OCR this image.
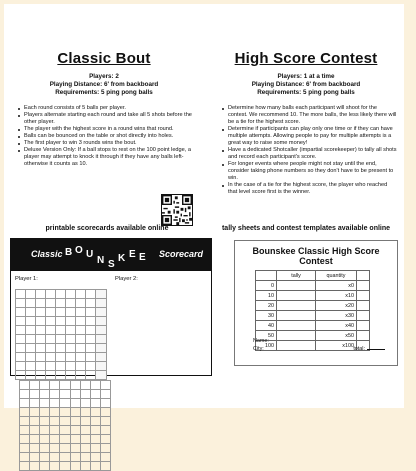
Classic Bout
Players: 2
Playing Distance: 6' from backboard
Requirements: 5 ping pong balls
Each round consists of 5 balls per player.
Players alternate starting each round and take all 5 shots before the other player.
The player with the highest score in a round wins that round.
Balls can be bounced on the table or shot directly into holes.
The first player to win 3 rounds wins the bout.
Deluxe Version Only: If a ball stops to rest on the 100 point ledge, a player may attempt to knock it through if they have any balls left- otherwise it counts as 10.
High Score Contest
Players: 1 at a time
Playing Distance: 6' from backboard
Requirements: 5 ping pong balls
Determine how many balls each participant will shoot for the contest. We recommend 10. The more balls, the less likely there will be a tie for the highest score.
Determine if participants can play only one time or if they can have multiple attempts. Allowing people to pay for multiple attempts is a great way to raise some money!
Have a dedicated Shotcaller (impartial scorekeeper) to tally all shots and record each participant's score.
For longer events where people might not stay until the end, consider taking phone numbers so they don't have to be present to win.
In the case of a tie for the highest score, the player who reached that level score first is the winner.
printable scorecards available online	tally sheets and contest templates available online
Classic B O U
N S
K E E Scorecard
Player 1:	Player 2:

Bounskee Classic High Score Contest
	tally	quantity	
0		x0	
10		x10	
20		x20	
30		x30	
40		x40	
50		x50	
100		x100	
Name:
City:	total:
